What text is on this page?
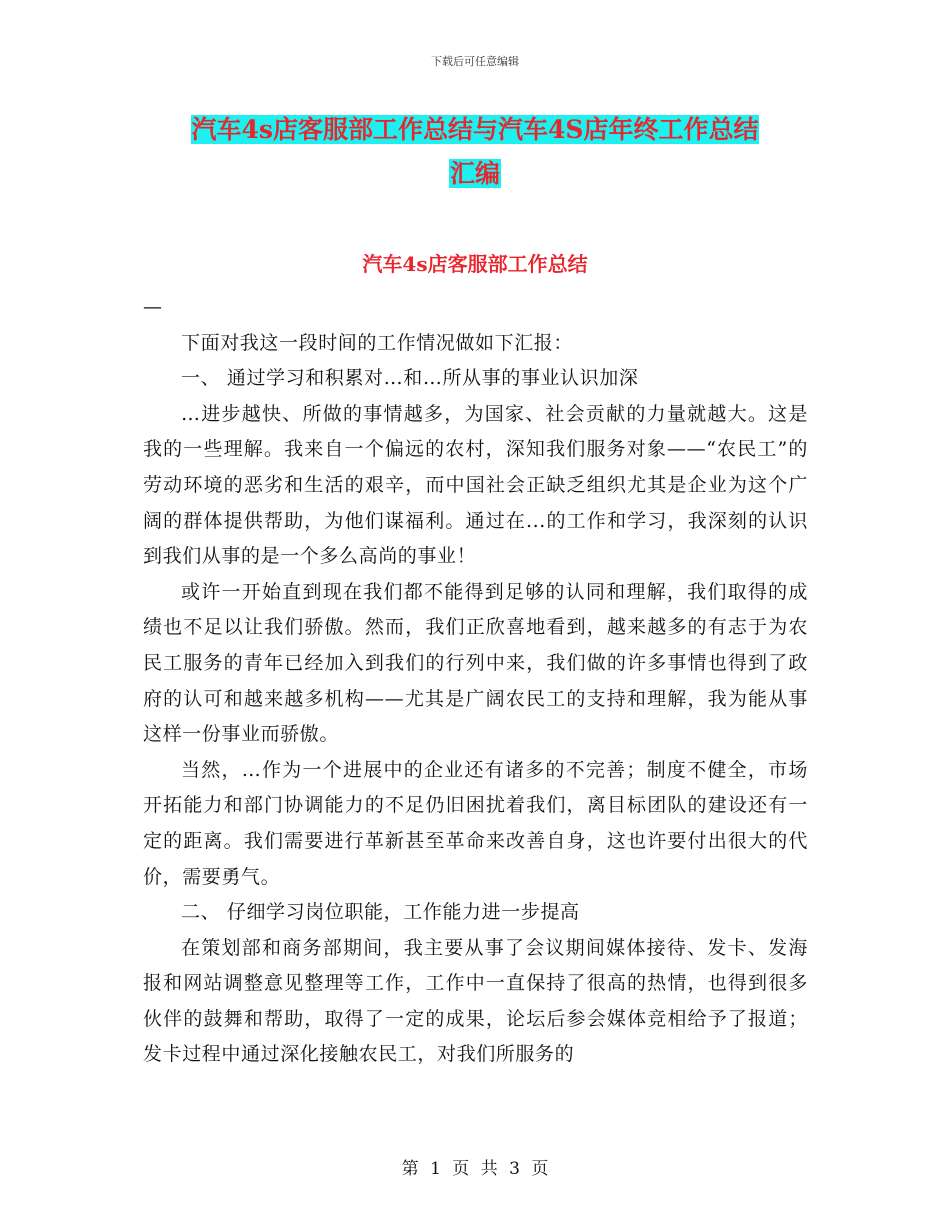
下载后可任意编辑
汽车4s店客服部工作总结与汽车4S店年终工作总结
汇编
汽车4s店客服部工作总结

—

下面对我这一段时间的工作情况做如下汇报：

一、 通过学习和积累对…和…所从事的事业认识加深

…进步越快、所做的事情越多，为国家、社会贡献的力量就越大。这是我的一些理解。我来自一个偏远的农村，深知我们服务对象——“农民工”的劳动环境的恶劣和生活的艰辛，而中国社会正缺乏组织尤其是企业为这个广阔的群体提供帮助，为他们谋福利。通过在...的工作和学习，我深刻的认识到我们从事的是一个多么高尚的事业！

或许一开始直到现在我们都不能得到足够的认同和理解，我们取得的成绩也不足以让我们骄傲。然而，我们正欣喜地看到，越来越多的有志于为农民工服务的青年已经加入到我们的行列中来，我们做的许多事情也得到了政府的认可和越来越多机构——尤其是广阔农民工的支持和理解，我为能从事这样一份事业而骄傲。

当然，…作为一个进展中的企业还有诸多的不完善；制度不健全，市场开拓能力和部门协调能力的不足仍旧困扰着我们，离目标团队的建设还有一定的距离。我们需要进行革新甚至革命来改善自身，这也许要付出很大的代价，需要勇气。

二、 仔细学习岗位职能，工作能力进一步提高

在策划部和商务部期间，我主要从事了会议期间媒体接待、发卡、发海报和网站调整意见整理等工作，工作中一直保持了很高的热情，也得到很多伙伴的鼓舞和帮助，取得了一定的成果，论坛后参会媒体竞相给予了报道；发卡过程中通过深化接触农民工，对我们所服务的

第 1 页 共 3 页
